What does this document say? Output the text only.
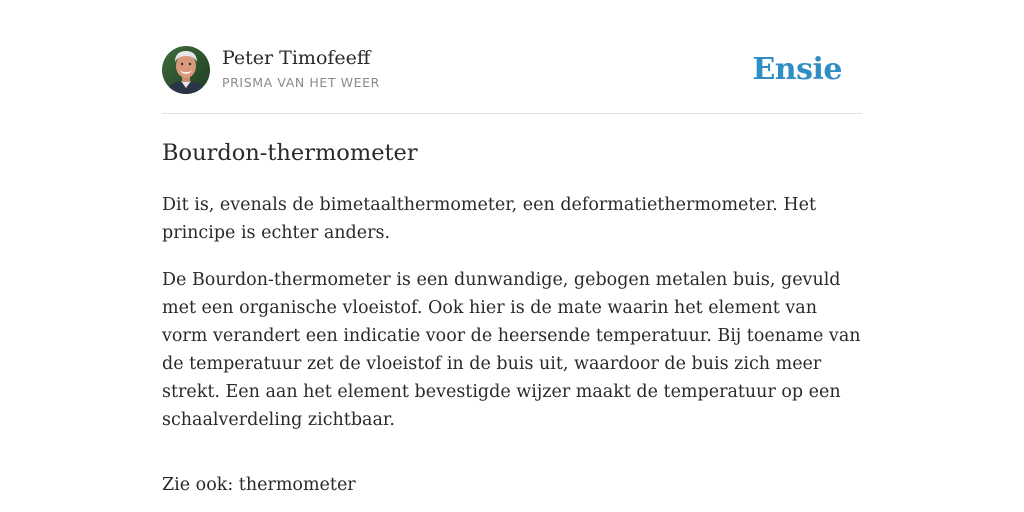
Peter Timofeeff
PRISMA VAN HET WEER	Ensie
Bourdon-thermometer

Dit is, evenals de bimetaalthermometer, een deformatiethermometer. Het principe is echter anders.

De Bourdon-thermometer is een dunwandige, gebogen metalen buis, gevuld met een organische vloeistof. Ook hier is de mate waarin het element van vorm verandert een indicatie voor de heersende temperatuur. Bij toename van de temperatuur zet de vloeistof in de buis uit, waardoor de buis zich meer strekt. Een aan het element bevestigde wijzer maakt de temperatuur op een schaalverdeling zichtbaar.

Zie ook: thermometer
